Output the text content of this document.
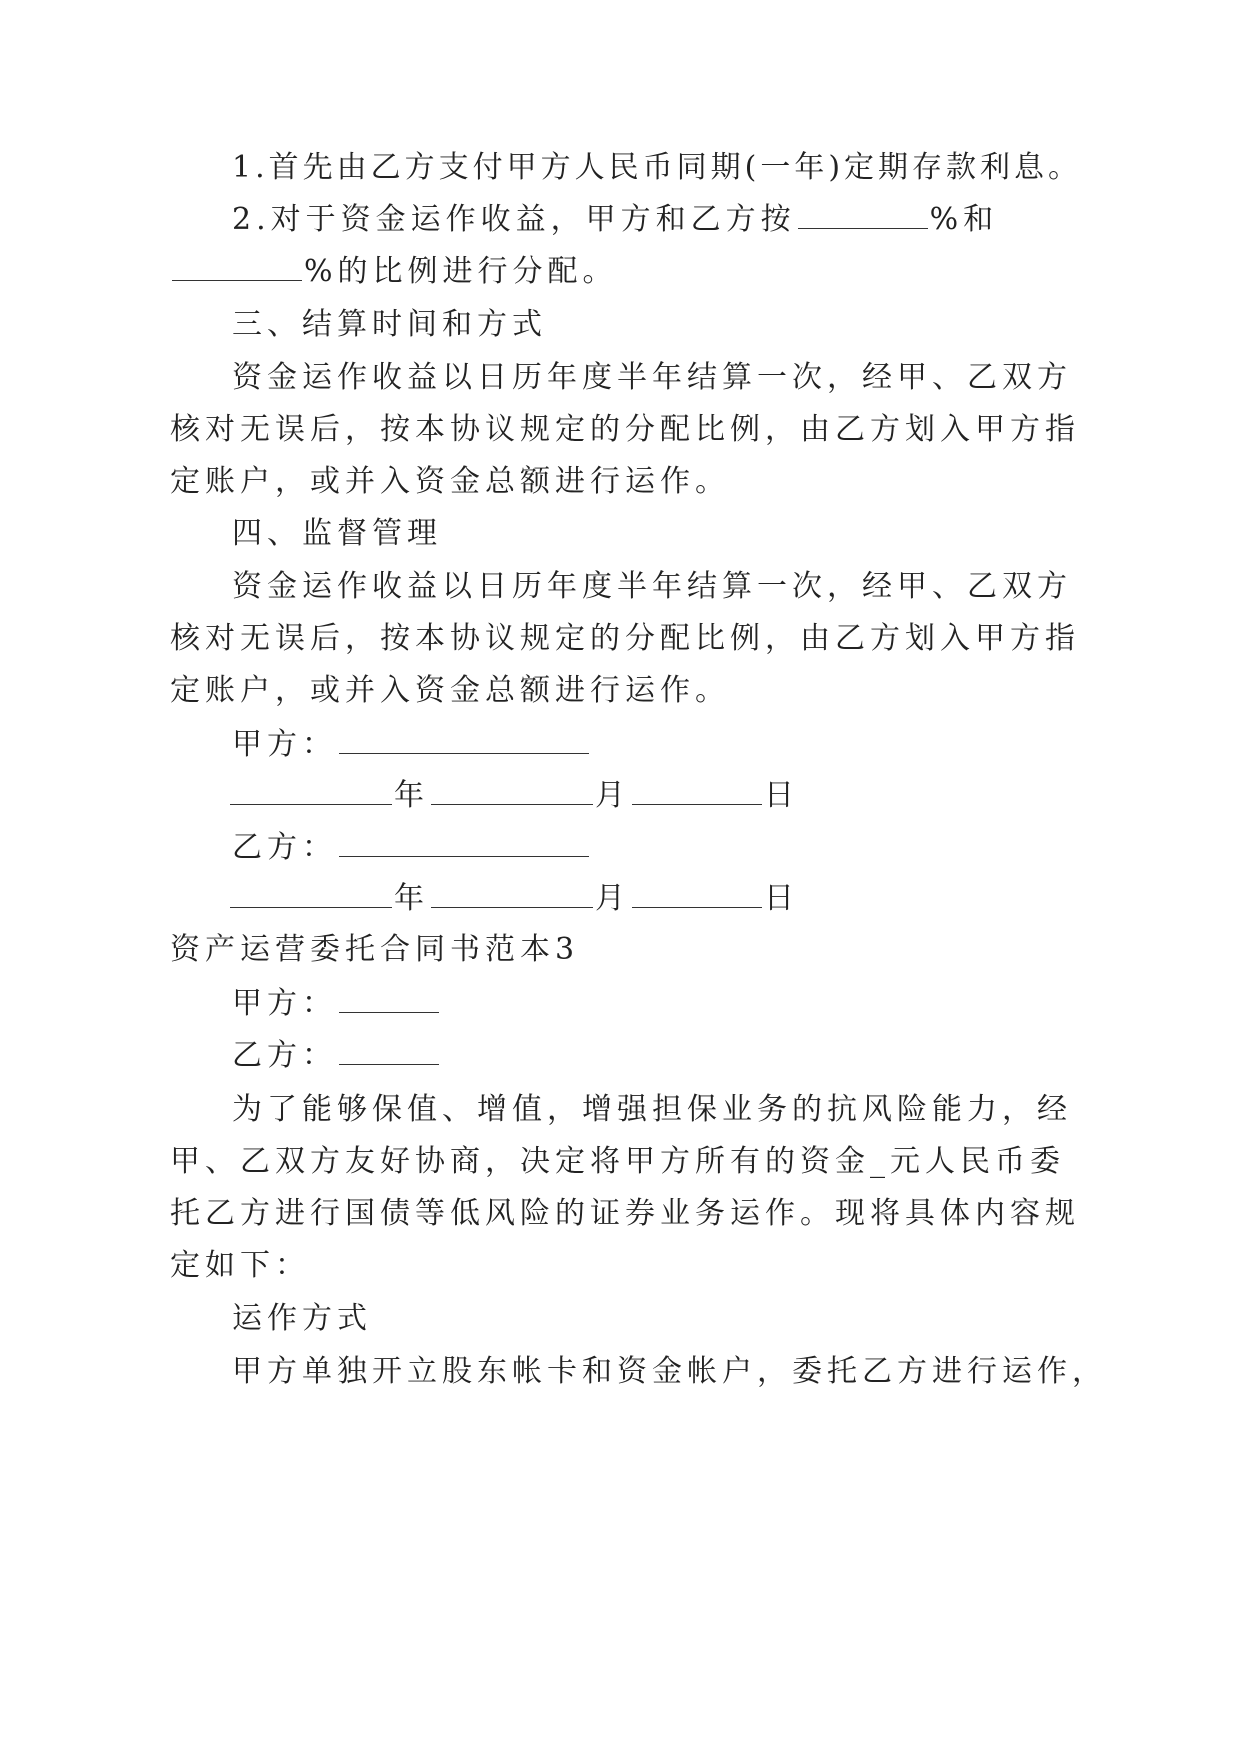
1.首先由乙方支付甲方人民币同期(一年)定期存款利息。
2.对于资金运作收益，甲方和乙方按	%和
%的比例进行分配。
三、结算时间和方式
资金运作收益以日历年度半年结算一次，经甲、乙双方
核对无误后，按本协议规定的分配比例，由乙方划入甲方指
定账户，或并入资金总额进行运作。
四、监督管理
资金运作收益以日历年度半年结算一次，经甲、乙双方
核对无误后，按本协议规定的分配比例，由乙方划入甲方指
定账户，或并入资金总额进行运作。
甲方：
年	月	日
乙方：
年	月	日
资产运营委托合同书范本3
甲方：
乙方：
为了能够保值、增值，增强担保业务的抗风险能力，经
甲、乙双方友好协商，决定将甲方所有的资金_元人民币委
托乙方进行国债等低风险的证券业务运作。现将具体内容规
定如下：
运作方式
甲方单独开立股东帐卡和资金帐户，委托乙方进行运作，
